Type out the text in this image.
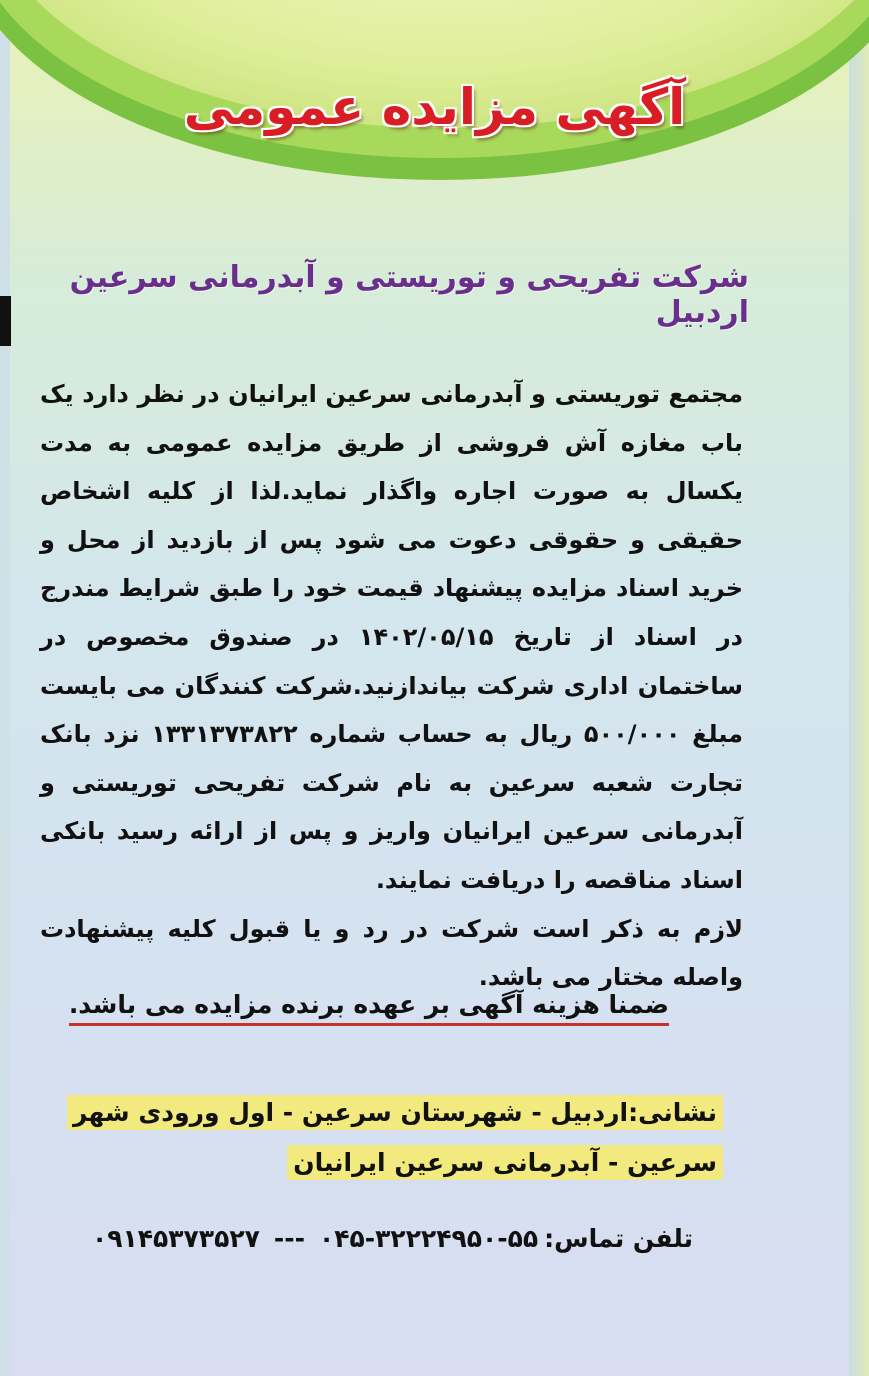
آگهی مزایده عمومی
شرکت تفریحی و توریستی و آبدرمانی سرعین اردبیل

مجتمع توریستی و آبدرمانی سرعین ایرانیان در نظر دارد یک باب مغازه آش فروشی از طریق مزایده عمومی به مدت یکسال به صورت اجاره واگذار نماید.لذا از کلیه اشخاص حقیقی و حقوقی دعوت می شود پس از بازدید از محل و خرید اسناد مزایده پیشنهاد قیمت خود را طبق شرایط مندرج در اسناد از تاریخ ۱۴۰۲/۰۵/۱۵ در صندوق مخصوص در ساختمان اداری شرکت بیاندازنید.شرکت کنندگان می بایست مبلغ ۵۰۰/۰۰۰ ریال به حساب شماره ۱۳۳۱۳۷۳۸۲۲ نزد بانک تجارت شعبه سرعین به نام شرکت تفریحی توریستی و آبدرمانی سرعین ایرانیان واریز و پس از ارائه رسید بانکی اسناد مناقصه را دریافت نمایند.

لازم به ذکر است شرکت در رد و یا قبول کلیه پیشنهادت واصله مختار می باشد.

ضمنا هزینه آگهی بر عهده برنده مزایده می باشد.
نشانی:اردبیل - شهرستان سرعین - اول ورودی شهر سرعین - آبدرمانی سرعین ایرانیان
تلفن تماس:۵۵-۳۲۲۲۴۹۵۰-۰۴۵---۰۹۱۴۵۳۷۳۵۲۷
